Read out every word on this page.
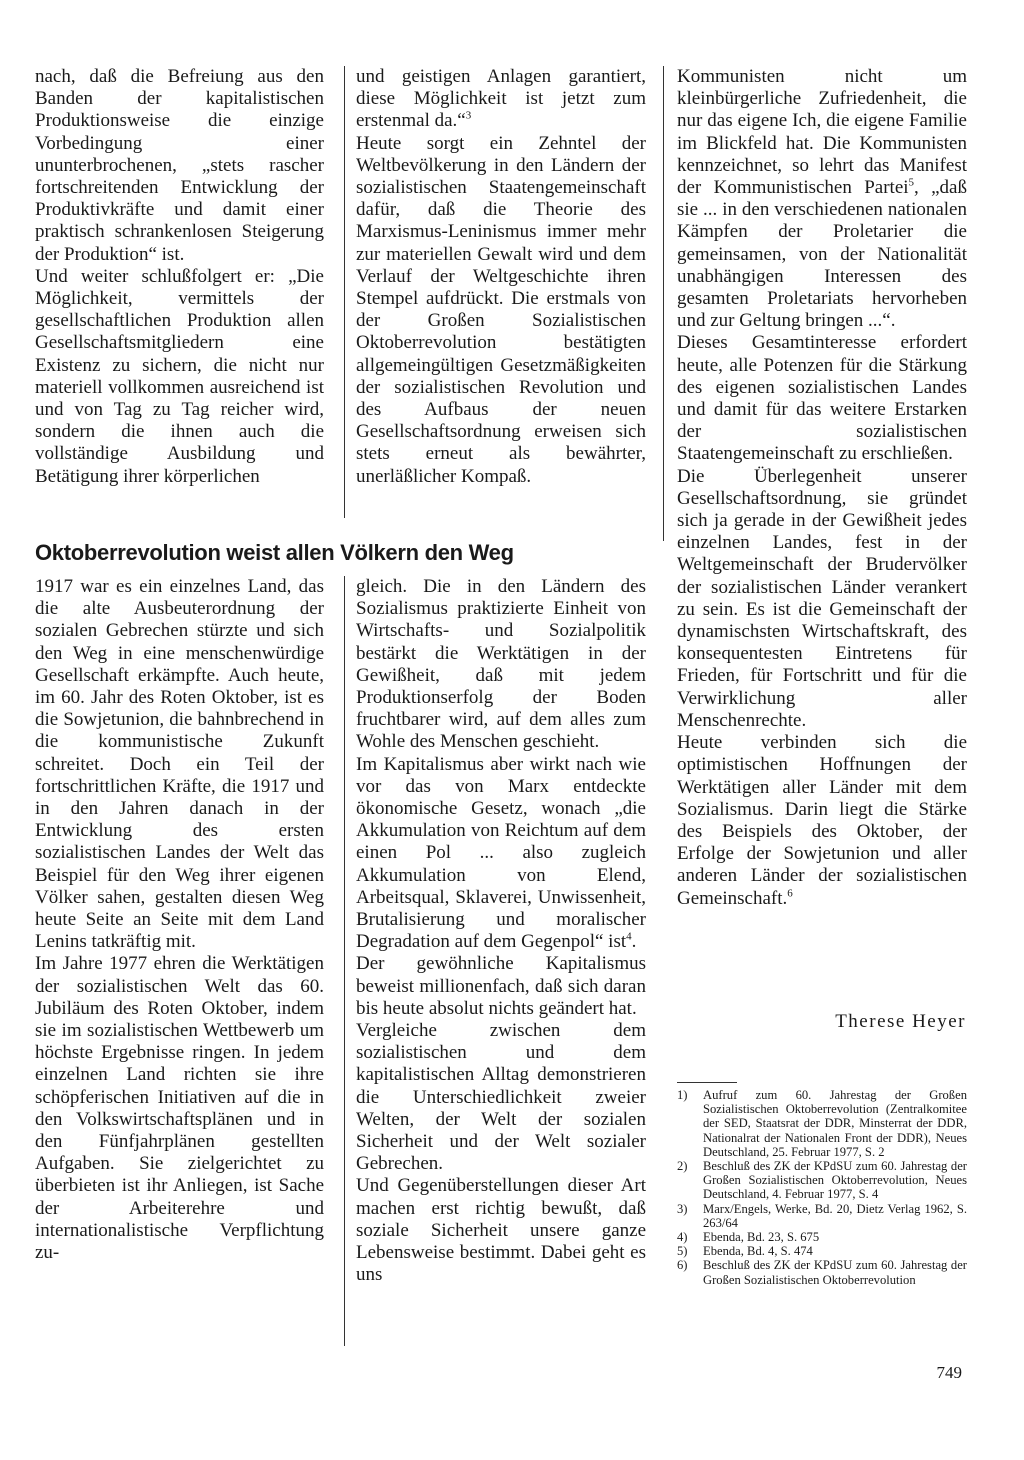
nach, daß die Befreiung aus den Banden der kapitalistischen Produktionsweise die einzige Vorbedingung einer ununterbrochenen, „stets rascher fortschreitenden Entwicklung der Produktivkräfte und damit einer praktisch schrankenlosen Steigerung der Produktion“ ist.

Und weiter schlußfolgert er: „Die Möglichkeit, vermittels der gesellschaftlichen Produktion allen Gesellschaftsmitgliedern eine Existenz zu sichern, die nicht nur materiell vollkommen ausreichend ist und von Tag zu Tag reicher wird, sondern die ihnen auch die vollständige Ausbildung und Betätigung ihrer körperlichen

und geistigen Anlagen garantiert, diese Möglichkeit ist jetzt zum erstenmal da.“$^3$

Heute sorgt ein Zehntel der Weltbevölkerung in den Ländern der sozialistischen Staatengemeinschaft dafür, daß die Theorie des Marxismus-Leninismus immer mehr zur materiellen Gewalt wird und dem Verlauf der Weltgeschichte ihren Stempel aufdrückt. Die erstmals von der Großen Sozialistischen Oktoberrevolution bestätigten allgemeingültigen Gesetzmäßigkeiten der sozialistischen Revolution und des Aufbaus der neuen Gesellschaftsordnung erweisen sich stets erneut als bewährter, unerläßlicher Kompaß.

Oktoberrevolution weist allen Völkern den Weg

1917 war es ein einzelnes Land, das die alte Ausbeuterordnung der sozialen Gebrechen stürzte und sich den Weg in eine menschenwürdige Gesellschaft erkämpfte. Auch heute, im 60. Jahr des Roten Oktober, ist es die Sowjetunion, die bahnbrechend in die kommunistische Zukunft schreitet. Doch ein Teil der fortschrittlichen Kräfte, die 1917 und in den Jahren danach in der Entwicklung des ersten sozialistischen Landes der Welt das Beispiel für den Weg ihrer eigenen Völker sahen, gestalten diesen Weg heute Seite an Seite mit dem Land Lenins tatkräftig mit.

Im Jahre 1977 ehren die Werktätigen der sozialistischen Welt das 60. Jubiläum des Roten Oktober, indem sie im sozialistischen Wettbewerb um höchste Ergebnisse ringen. In jedem einzelnen Land richten sie ihre schöpferischen Initiativen auf die in den Volkswirtschaftsplänen und in den Fünfjahrplänen gestellten Aufgaben. Sie zielgerichtet zu überbieten ist ihr Anliegen, ist Sache der Arbeiterehre und internationalistische Verpflichtung zu-

gleich. Die in den Ländern des Sozialismus praktizierte Einheit von Wirtschafts- und Sozialpolitik bestärkt die Werktätigen in der Gewißheit, daß mit jedem Produktionserfolg der Boden fruchtbarer wird, auf dem alles zum Wohle des Menschen geschieht.

Im Kapitalismus aber wirkt nach wie vor das von Marx entdeckte ökonomische Gesetz, wonach „die Akkumulation von Reichtum auf dem einen Pol ... also zugleich Akkumulation von Elend, Arbeitsqual, Sklaverei, Unwissenheit, Brutalisierung und moralischer Degradation auf dem Gegenpol“ ist$^4$.

Der gewöhnliche Kapitalismus beweist millionenfach, daß sich daran bis heute absolut nichts geändert hat.

Vergleiche zwischen dem sozialistischen und dem kapitalistischen Alltag demonstrieren die Unterschiedlichkeit zweier Welten, der Welt der sozialen Sicherheit und der Welt sozialer Gebrechen.

Und Gegenüberstellungen dieser Art machen erst richtig bewußt, daß soziale Sicherheit unsere ganze Lebensweise bestimmt. Dabei geht es uns

Kommunisten nicht um kleinbürgerliche Zufriedenheit, die nur das eigene Ich, die eigene Familie im Blickfeld hat. Die Kommunisten kennzeichnet, so lehrt das Manifest der Kommunistischen Partei$^5$, „daß sie ... in den verschiedenen nationalen Kämpfen der Proletarier die gemeinsamen, von der Nationalität unabhängigen Interessen des gesamten Proletariats hervorheben und zur Geltung bringen ...“.

Dieses Gesamtinteresse erfordert heute, alle Potenzen für die Stärkung des eigenen sozialistischen Landes und damit für das weitere Erstarken der sozialistischen Staatengemeinschaft zu erschließen.

Die Überlegenheit unserer Gesellschaftsordnung, sie gründet sich ja gerade in der Gewißheit jedes einzelnen Landes, fest in der Weltgemeinschaft der Brudervölker der sozialistischen Länder verankert zu sein. Es ist die Gemeinschaft der dynamischsten Wirtschaftskraft, des konsequentesten Eintretens für Frieden, für Fortschritt und für die Verwirklichung aller Menschenrechte.

Heute verbinden sich die optimistischen Hoffnungen der Werktätigen aller Länder mit dem Sozialismus. Darin liegt die Stärke des Beispiels des Oktober, der Erfolge der Sowjetunion und aller anderen Länder der sozialistischen Gemeinschaft.$^6$

Therese Heyer
1)	Aufruf zum 60. Jahrestag der Großen Sozialistischen Oktoberrevolution (Zentralkomitee der SED, Staatsrat der DDR, Minsterrat der DDR, Nationalrat der Nationalen Front der DDR), Neues Deutschland, 25. Februar 1977, S. 2
2)	Beschluß des ZK der KPdSU zum 60. Jahrestag der Großen Sozialistischen Oktoberrevolution, Neues Deutschland, 4. Februar 1977, S. 4
3)	Marx/Engels, Werke, Bd. 20, Dietz Verlag 1962, S. 263/64
4)	Ebenda, Bd. 23, S. 675
5)	Ebenda, Bd. 4, S. 474
6)	Beschluß des ZK der KPdSU zum 60. Jahrestag der Großen Sozialistischen Oktoberrevolution
749
